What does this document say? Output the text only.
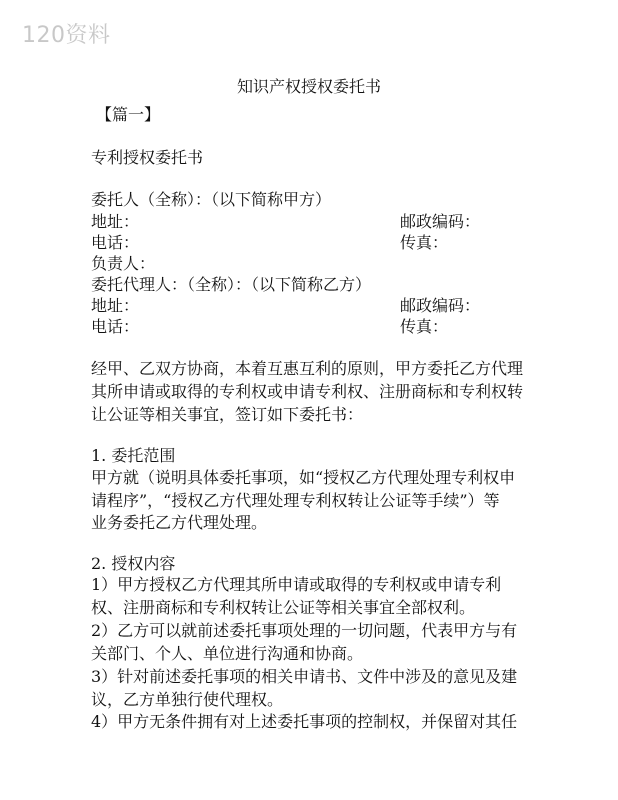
120资料
知识产权授权委托书
【篇一】
专利授权委托书
委托人（全称）：（以下简称甲方）
地址：	邮政编码：
电话：	传真：
负责人：
委托代理人：（全称）：（以下简称乙方）
地址：	邮政编码：
电话：	传真：
经甲、乙双方协商，本着互惠互利的原则，甲方委托乙方代理
其所申请或取得的专利权或申请专利权、注册商标和专利权转
让公证等相关事宜，签订如下委托书：
1. 委托范围
甲方就（说明具体委托事项，如“授权乙方代理处理专利权申
请程序”，“授权乙方代理处理专利权转让公证等手续”）等
业务委托乙方代理处理。
2. 授权内容
1）甲方授权乙方代理其所申请或取得的专利权或申请专利
权、注册商标和专利权转让公证等相关事宜全部权利。
2）乙方可以就前述委托事项处理的一切问题，代表甲方与有
关部门、个人、单位进行沟通和协商。
3）针对前述委托事项的相关申请书、文件中涉及的意见及建
议，乙方单独行使代理权。
4）甲方无条件拥有对上述委托事项的控制权，并保留对其任
